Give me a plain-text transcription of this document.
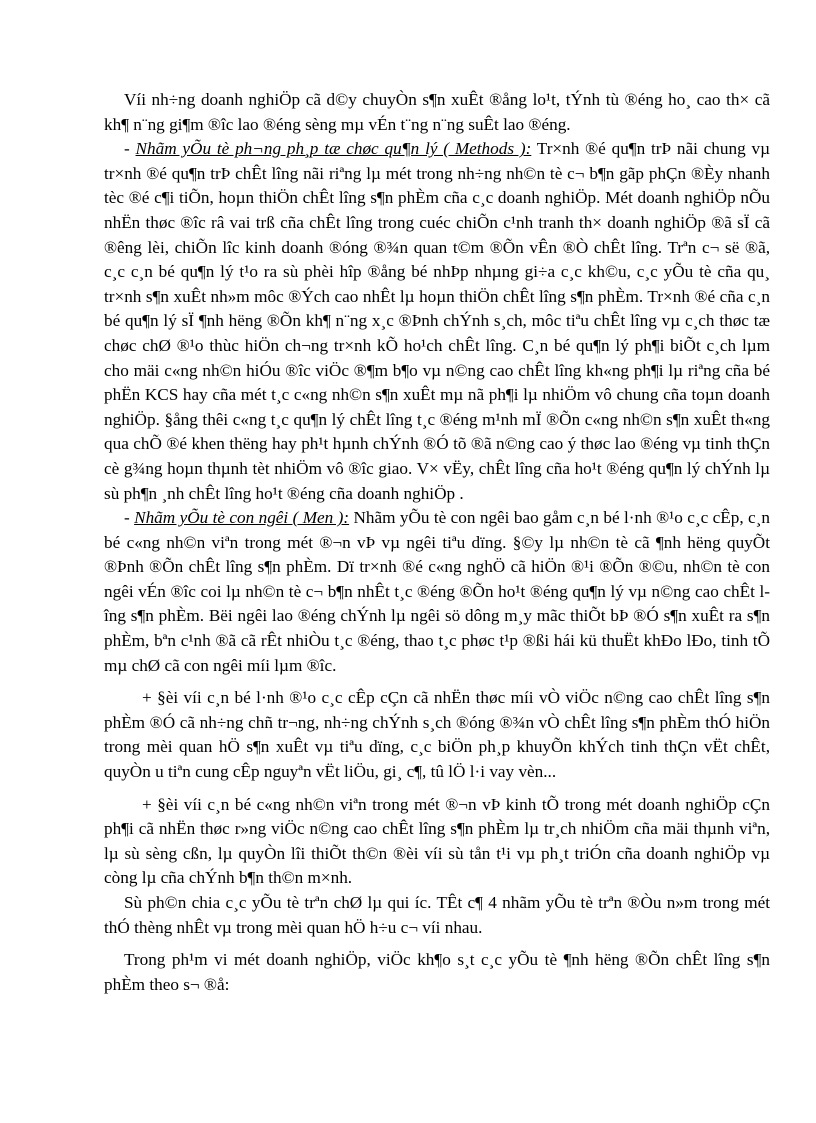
Víi nh÷ng doanh nghiÖp cã d©y chuyÒn s¶n xuÊt ®ång lo¹t, tÝnh tù ®éng ho¸ cao th× cã kh¶ n¨ng gi¶m ®îc lao ®éng sèng mµ vÉn t¨ng n¨ng suÊt lao ®éng.

- Nhãm yÕu tè ph¬ng ph¸p tæ chøc qu¶n lý ( Methods ): Tr×nh ®é qu¶n trÞ nãi chung vµ tr×nh ®é qu¶n trÞ chÊt lîng nãi riªng lµ mét trong nh÷ng nh©n tè c¬ b¶n gãp phÇn ®Èy nhanh tèc ®é c¶i tiÕn, hoµn thiÖn chÊt lîng s¶n phÈm cña c¸c doanh nghiÖp. Mét doanh nghiÖp nÕu nhËn thøc ®îc râ vai trß cña chÊt lîng trong cuéc chiÕn c¹nh tranh th× doanh nghiÖp ®ã sÏ cã ®êng lèi, chiÕn lîc kinh doanh ®óng ®¾n quan t©m ®Õn vÊn ®Ò chÊt lîng. Trªn c¬ së ®ã, c¸c c¸n bé qu¶n lý t¹o ra sù phèi hîp ®ång bé nhÞp nhµng gi÷a c¸c kh©u, c¸c yÕu tè cña qu¸ tr×nh s¶n xuÊt nh»m môc ®Ých cao nhÊt lµ hoµn thiÖn chÊt lîng s¶n phÈm. Tr×nh ®é cña c¸n bé qu¶n lý sÏ ¶nh hëng ®Õn kh¶ n¨ng x¸c ®Þnh chÝnh s¸ch, môc tiªu chÊt lîng vµ c¸ch thøc tæ chøc chØ ®¹o thùc hiÖn ch¬ng tr×nh kÕ ho¹ch chÊt lîng. C¸n bé qu¶n lý ph¶i biÕt c¸ch lµm cho mäi c«ng nh©n hiÓu ®îc viÖc ®¶m b¶o vµ n©ng cao chÊt lîng kh«ng ph¶i lµ riªng cña bé phËn KCS hay cña mét t¸c c«ng nh©n s¶n xuÊt mµ nã ph¶i lµ nhiÖm vô chung cña toµn doanh nghiÖp. §ång thêi c«ng t¸c qu¶n lý chÊt lîng t¸c ®éng m¹nh mÏ ®Õn c«ng nh©n s¶n xuÊt th«ng qua chÕ ®é khen thëng hay ph¹t hµnh chÝnh ®Ó tõ ®ã n©ng cao ý thøc lao ®éng vµ tinh thÇn cè g¾ng hoµn thµnh tèt nhiÖm vô ®îc giao. V× vËy, chÊt lîng cña ho¹t ®éng qu¶n lý chÝnh lµ sù ph¶n ¸nh chÊt lîng ho¹t ®éng cña doanh nghiÖp .

- Nhãm yÕu tè con ngêi ( Men ): Nhãm yÕu tè con ngêi bao gåm c¸n bé l·nh ®¹o c¸c cÊp, c¸n bé c«ng nh©n viªn trong mét ®¬n vÞ vµ ngêi tiªu dïng. §©y lµ nh©n tè cã ¶nh hëng quyÕt ®Þnh ®Õn chÊt lîng s¶n phÈm. Dï tr×nh ®é c«ng nghÖ cã hiÖn ®¹i ®Õn ®©u, nh©n tè con ngêi vÉn ®îc coi lµ nh©n tè c¬ b¶n nhÊt t¸c ®éng ®Õn ho¹t ®éng qu¶n lý vµ n©ng cao chÊt lîng s¶n phÈm. Bëi ngêi lao ®éng chÝnh lµ ngêi sö dông m¸y mãc thiÕt bÞ ®Ó s¶n xuÊt ra s¶n phÈm, bªn c¹nh ®ã cã rÊt nhiÒu t¸c ®éng, thao t¸c phøc t¹p ®ßi hái kü thuËt khÐo lÐo, tinh tÕ mµ chØ cã con ngêi míi lµm ®îc.

+ §èi víi c¸n bé l·nh ®¹o c¸c cÊp cÇn cã nhËn thøc míi vÒ viÖc n©ng cao chÊt lîng s¶n phÈm ®Ó cã nh÷ng chñ tr¬ng, nh÷ng chÝnh s¸ch ®óng ®¾n vÒ chÊt lîng s¶n phÈm thÓ hiÖn trong mèi quan hÖ s¶n xuÊt vµ tiªu dïng, c¸c biÖn ph¸p khuyÕn khÝch tinh thÇn vËt chÊt, quyÒn u tiªn cung cÊp nguyªn vËt liÖu, gi¸ c¶, tû lÖ l·i vay vèn...

+ §èi víi c¸n bé c«ng nh©n viªn trong mét ®¬n vÞ kinh tÕ trong mét doanh nghiÖp cÇn ph¶i cã nhËn thøc r»ng viÖc n©ng cao chÊt lîng s¶n phÈm lµ tr¸ch nhiÖm cña mäi thµnh viªn, lµ sù sèng cßn, lµ quyÒn lîi thiÕt th©n ®èi víi sù tån t¹i vµ ph¸t triÓn cña doanh nghiÖp vµ còng lµ cña chÝnh b¶n th©n m×nh.

Sù ph©n chia c¸c yÕu tè trªn chØ lµ qui íc. TÊt c¶ 4 nhãm yÕu tè trªn ®Òu n»m trong mét thÓ thèng nhÊt vµ trong mèi quan hÖ h÷u c¬ víi nhau.

Trong ph¹m vi mét doanh nghiÖp, viÖc kh¶o s¸t c¸c yÕu tè ¶nh hëng ®Õn chÊt lîng s¶n phÈm theo s¬ ®å:
